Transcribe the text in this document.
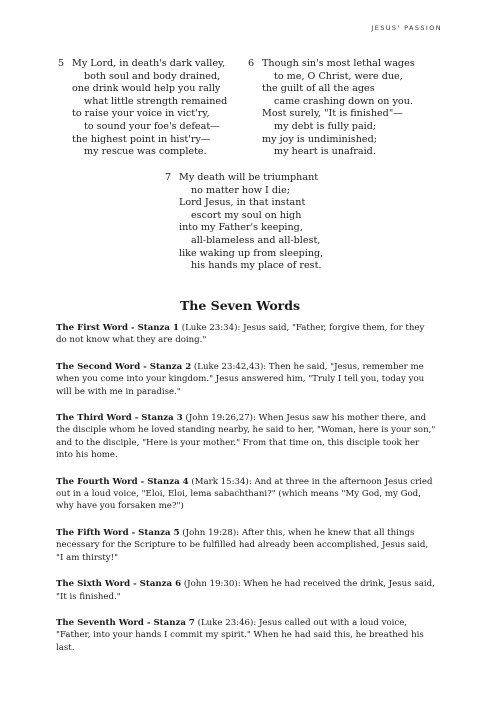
JESUS' PASSION
5 My Lord, in death's dark valley,
both soul and body drained,
one drink would help you rally
what little strength remained
to raise your voice in vict'ry,
to sound your foe's defeat—
the highest point in hist'ry—
my rescue was complete.
6 Though sin's most lethal wages
to me, O Christ, were due,
the guilt of all the ages
came crashing down on you.
Most surely, "It is finished"—
my debt is fully paid;
my joy is undiminished;
my heart is unafraid.
7 My death will be triumphant
no matter how I die;
Lord Jesus, in that instant
escort my soul on high
into my Father's keeping,
all-blameless and all-blest,
like waking up from sleeping,
his hands my place of rest.
The Seven Words

The First Word - Stanza 1 (Luke 23:34): Jesus said, "Father, forgive them, for they do not know what they are doing."

The Second Word - Stanza 2 (Luke 23:42,43): Then he said, "Jesus, remember me when you come into your kingdom." Jesus answered him, "Truly I tell you, today you will be with me in paradise."

The Third Word - Stanza 3 (John 19:26,27): When Jesus saw his mother there, and the disciple whom he loved standing nearby, he said to her, "Woman, here is your son," and to the disciple, "Here is your mother." From that time on, this disciple took her into his home.

The Fourth Word - Stanza 4 (Mark 15:34): And at three in the afternoon Jesus cried out in a loud voice, "Eloi, Eloi, lema sabachthani?" (which means "My God, my God, why have you forsaken me?")

The Fifth Word - Stanza 5 (John 19:28): After this, when he knew that all things necessary for the Scripture to be fulfilled had already been accomplished, Jesus said, "I am thirsty!"

The Sixth Word - Stanza 6 (John 19:30): When he had received the drink, Jesus said, "It is finished."

The Seventh Word - Stanza 7 (Luke 23:46): Jesus called out with a loud voice, "Father, into your hands I commit my spirit." When he had said this, he breathed his last.
